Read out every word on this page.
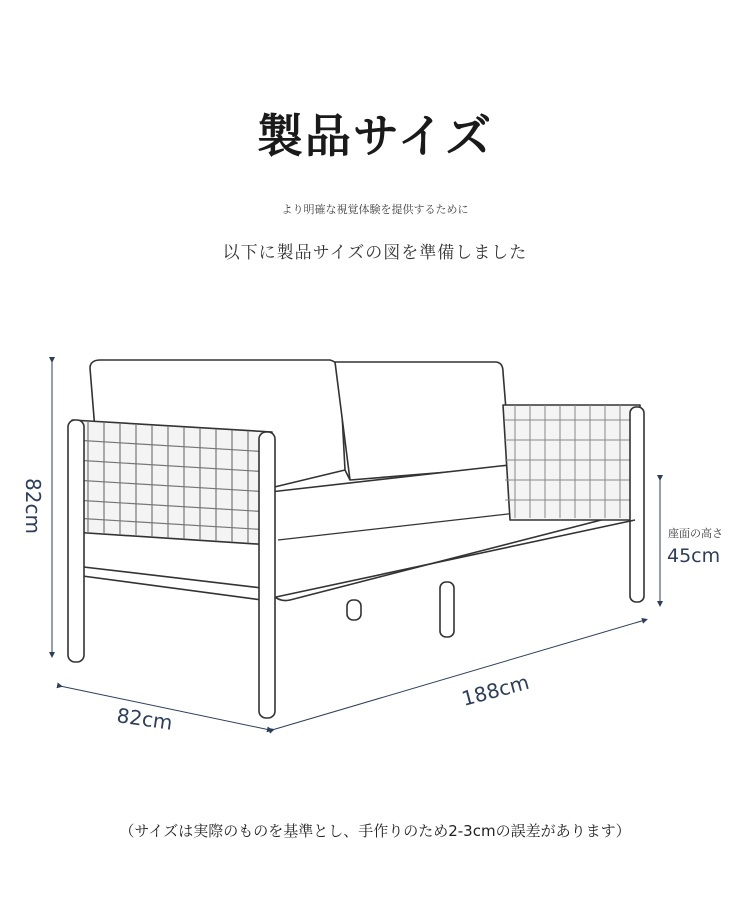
製品サイズ
より明確な視覚体験を提供するために
以下に製品サイズの図を準備しました
82cm
82cm
188cm
座面の高さ
45cm
（サイズは実際のものを基準とし、手作りのため2-3cmの誤差があります）
